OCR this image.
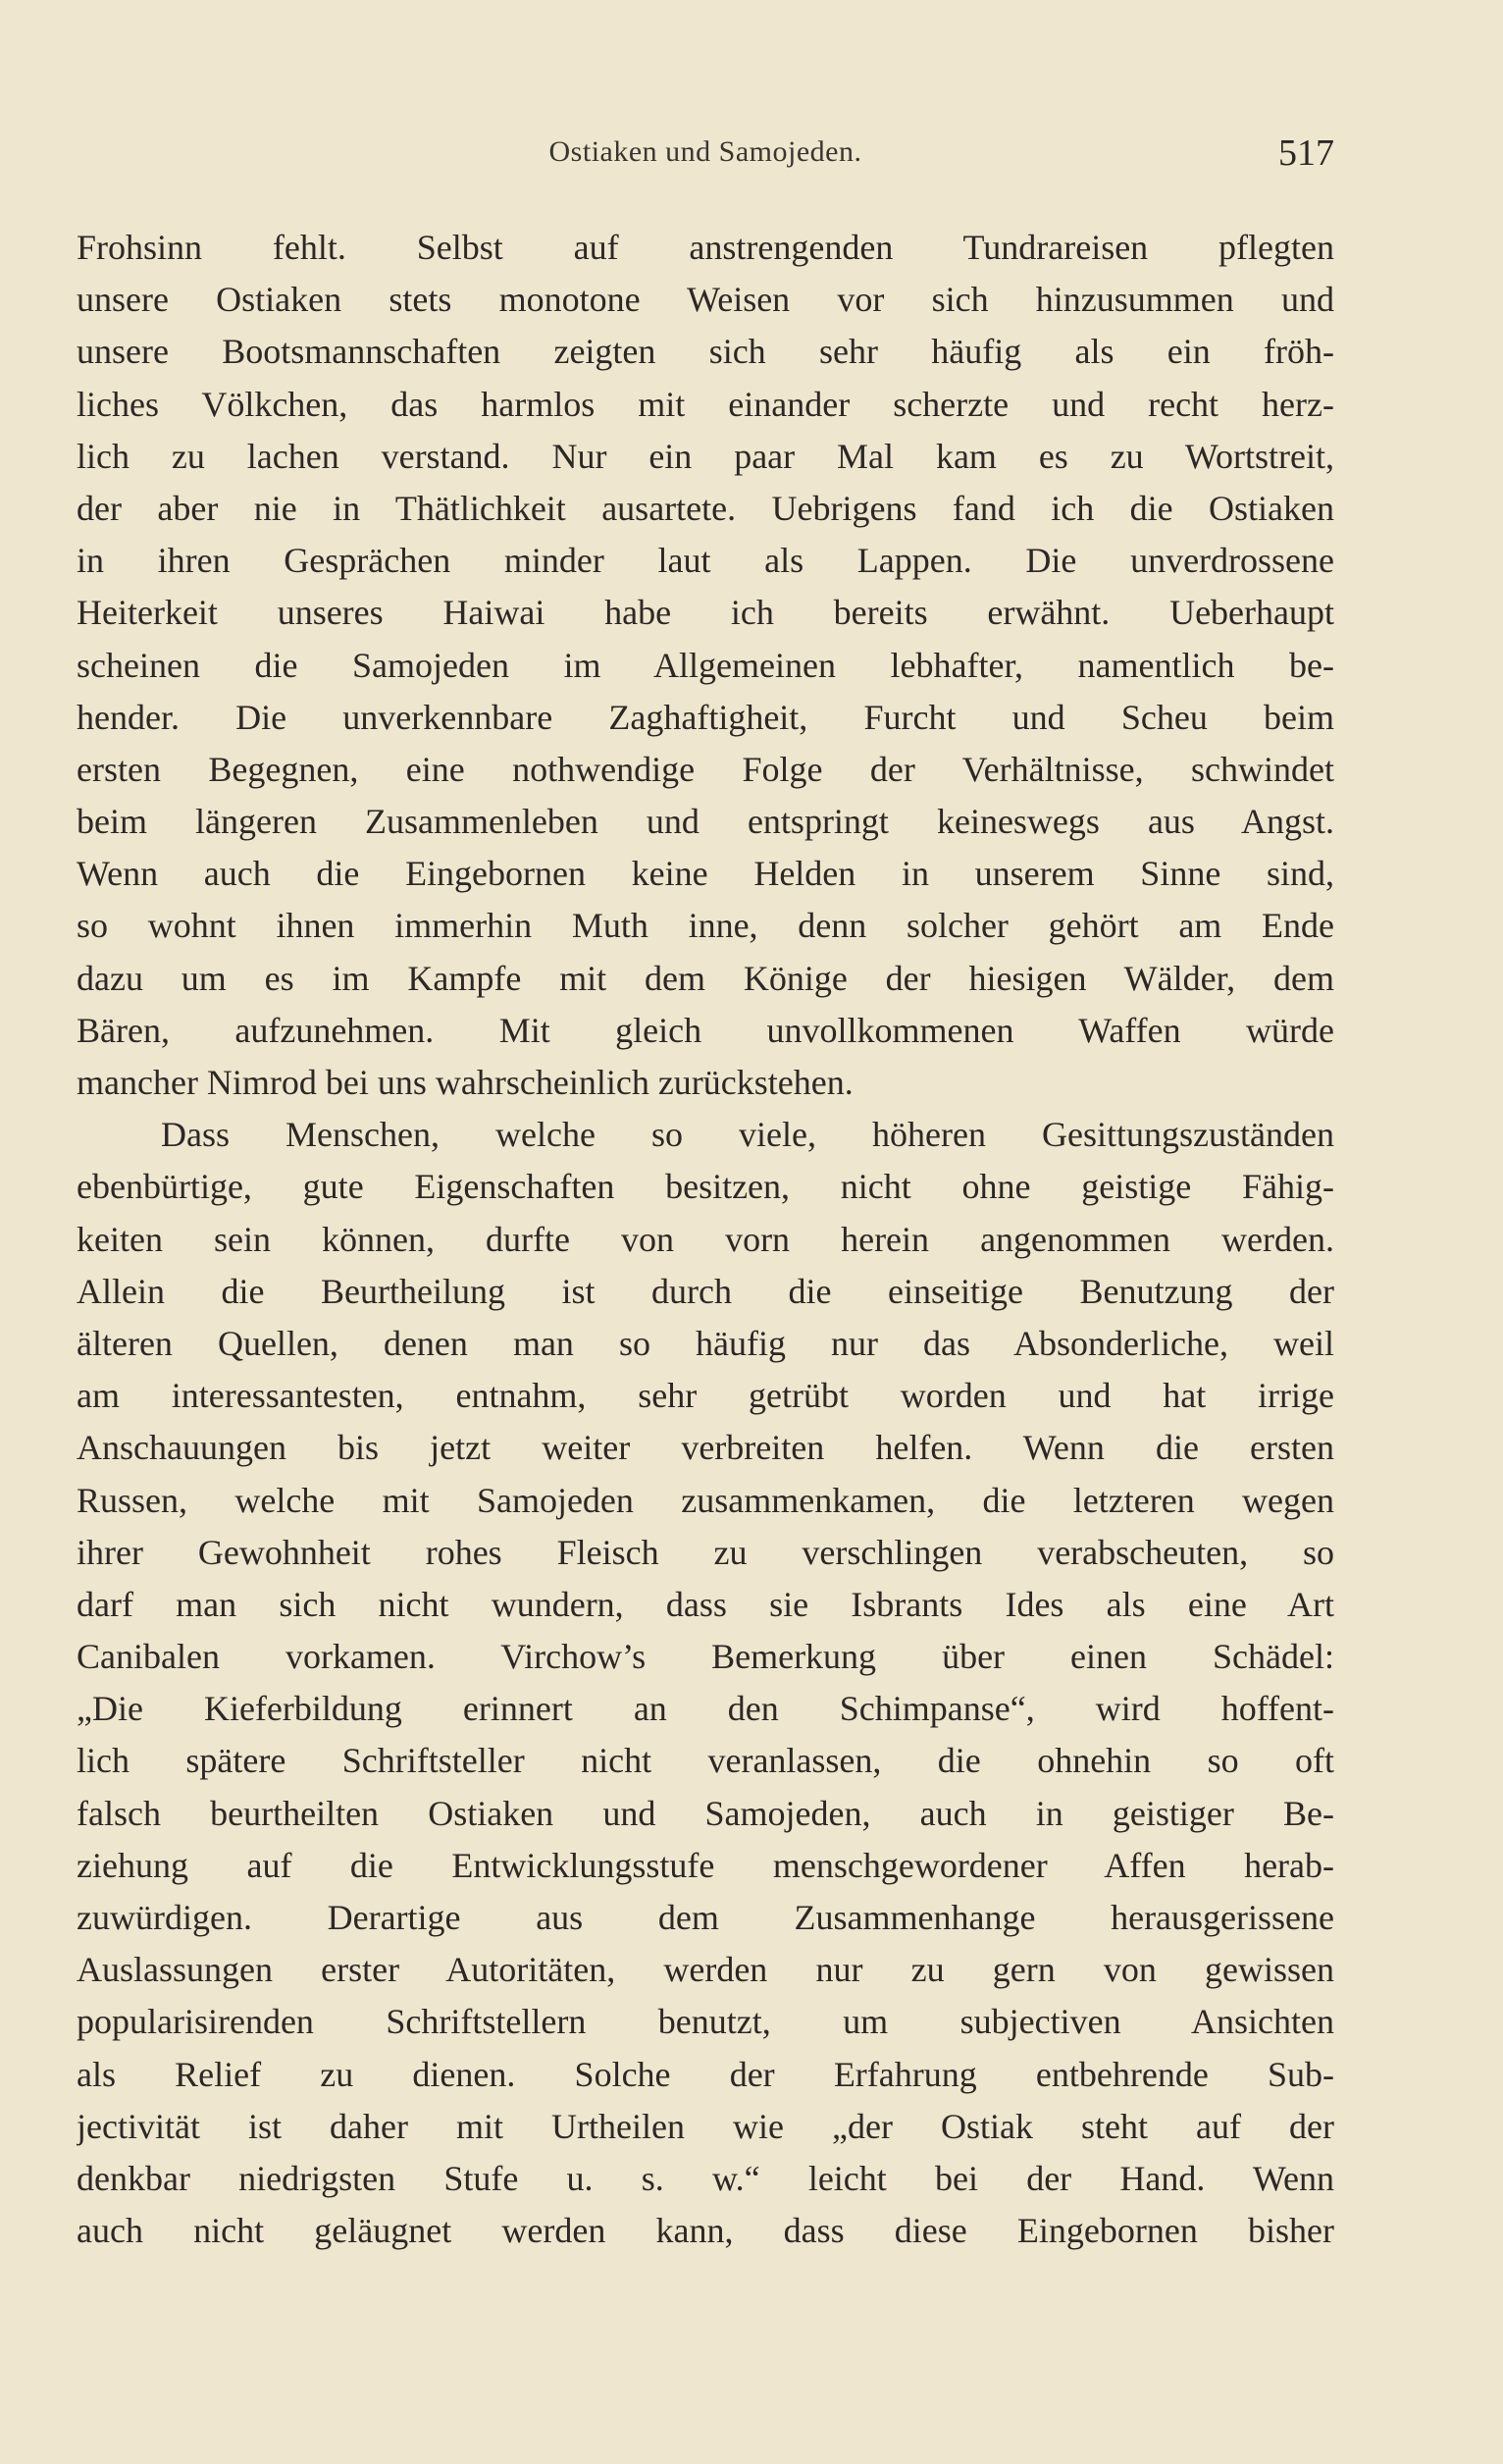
Ostiaken und Samojeden.	517
Frohsinn fehlt. Selbst auf anstrengenden Tundrareisen pflegten
unsere Ostiaken stets monotone Weisen vor sich hinzusummen und
unsere Bootsmannschaften zeigten sich sehr häufig als ein fröh-
liches Völkchen, das harmlos mit einander scherzte und recht herz-
lich zu lachen verstand. Nur ein paar Mal kam es zu Wortstreit,
der aber nie in Thätlichkeit ausartete. Uebrigens fand ich die Ostiaken
in ihren Gesprächen minder laut als Lappen. Die unverdrossene
Heiterkeit unseres Haiwai habe ich bereits erwähnt. Ueberhaupt
scheinen die Samojeden im Allgemeinen lebhafter, namentlich be-
hender. Die unverkennbare Zaghaftigheit, Furcht und Scheu beim
ersten Begegnen, eine nothwendige Folge der Verhältnisse, schwindet
beim längeren Zusammenleben und entspringt keineswegs aus Angst.
Wenn auch die Eingebornen keine Helden in unserem Sinne sind,
so wohnt ihnen immerhin Muth inne, denn solcher gehört am Ende
dazu um es im Kampfe mit dem Könige der hiesigen Wälder, dem
Bären, aufzunehmen. Mit gleich unvollkommenen Waffen würde
mancher Nimrod bei uns wahrscheinlich zurückstehen.
Dass Menschen, welche so viele, höheren Gesittungszuständen
ebenbürtige, gute Eigenschaften besitzen, nicht ohne geistige Fähig-
keiten sein können, durfte von vorn herein angenommen werden.
Allein die Beurtheilung ist durch die einseitige Benutzung der
älteren Quellen, denen man so häufig nur das Absonderliche, weil
am interessantesten, entnahm, sehr getrübt worden und hat irrige
Anschauungen bis jetzt weiter verbreiten helfen. Wenn die ersten
Russen, welche mit Samojeden zusammenkamen, die letzteren wegen
ihrer Gewohnheit rohes Fleisch zu verschlingen verabscheuten, so
darf man sich nicht wundern, dass sie Isbrants Ides als eine Art
Canibalen vorkamen. Virchow’s Bemerkung über einen Schädel:
„Die Kieferbildung erinnert an den Schimpanse“, wird hoffent-
lich spätere Schriftsteller nicht veranlassen, die ohnehin so oft
falsch beurtheilten Ostiaken und Samojeden, auch in geistiger Be-
ziehung auf die Entwicklungsstufe menschgewordener Affen herab-
zuwürdigen. Derartige aus dem Zusammenhange herausgerissene
Auslassungen erster Autoritäten, werden nur zu gern von gewissen
popularisirenden Schriftstellern benutzt, um subjectiven Ansichten
als Relief zu dienen. Solche der Erfahrung entbehrende Sub-
jectivität ist daher mit Urtheilen wie „der Ostiak steht auf der
denkbar niedrigsten Stufe u. s. w.“ leicht bei der Hand. Wenn
auch nicht geläugnet werden kann, dass diese Eingebornen bisher
